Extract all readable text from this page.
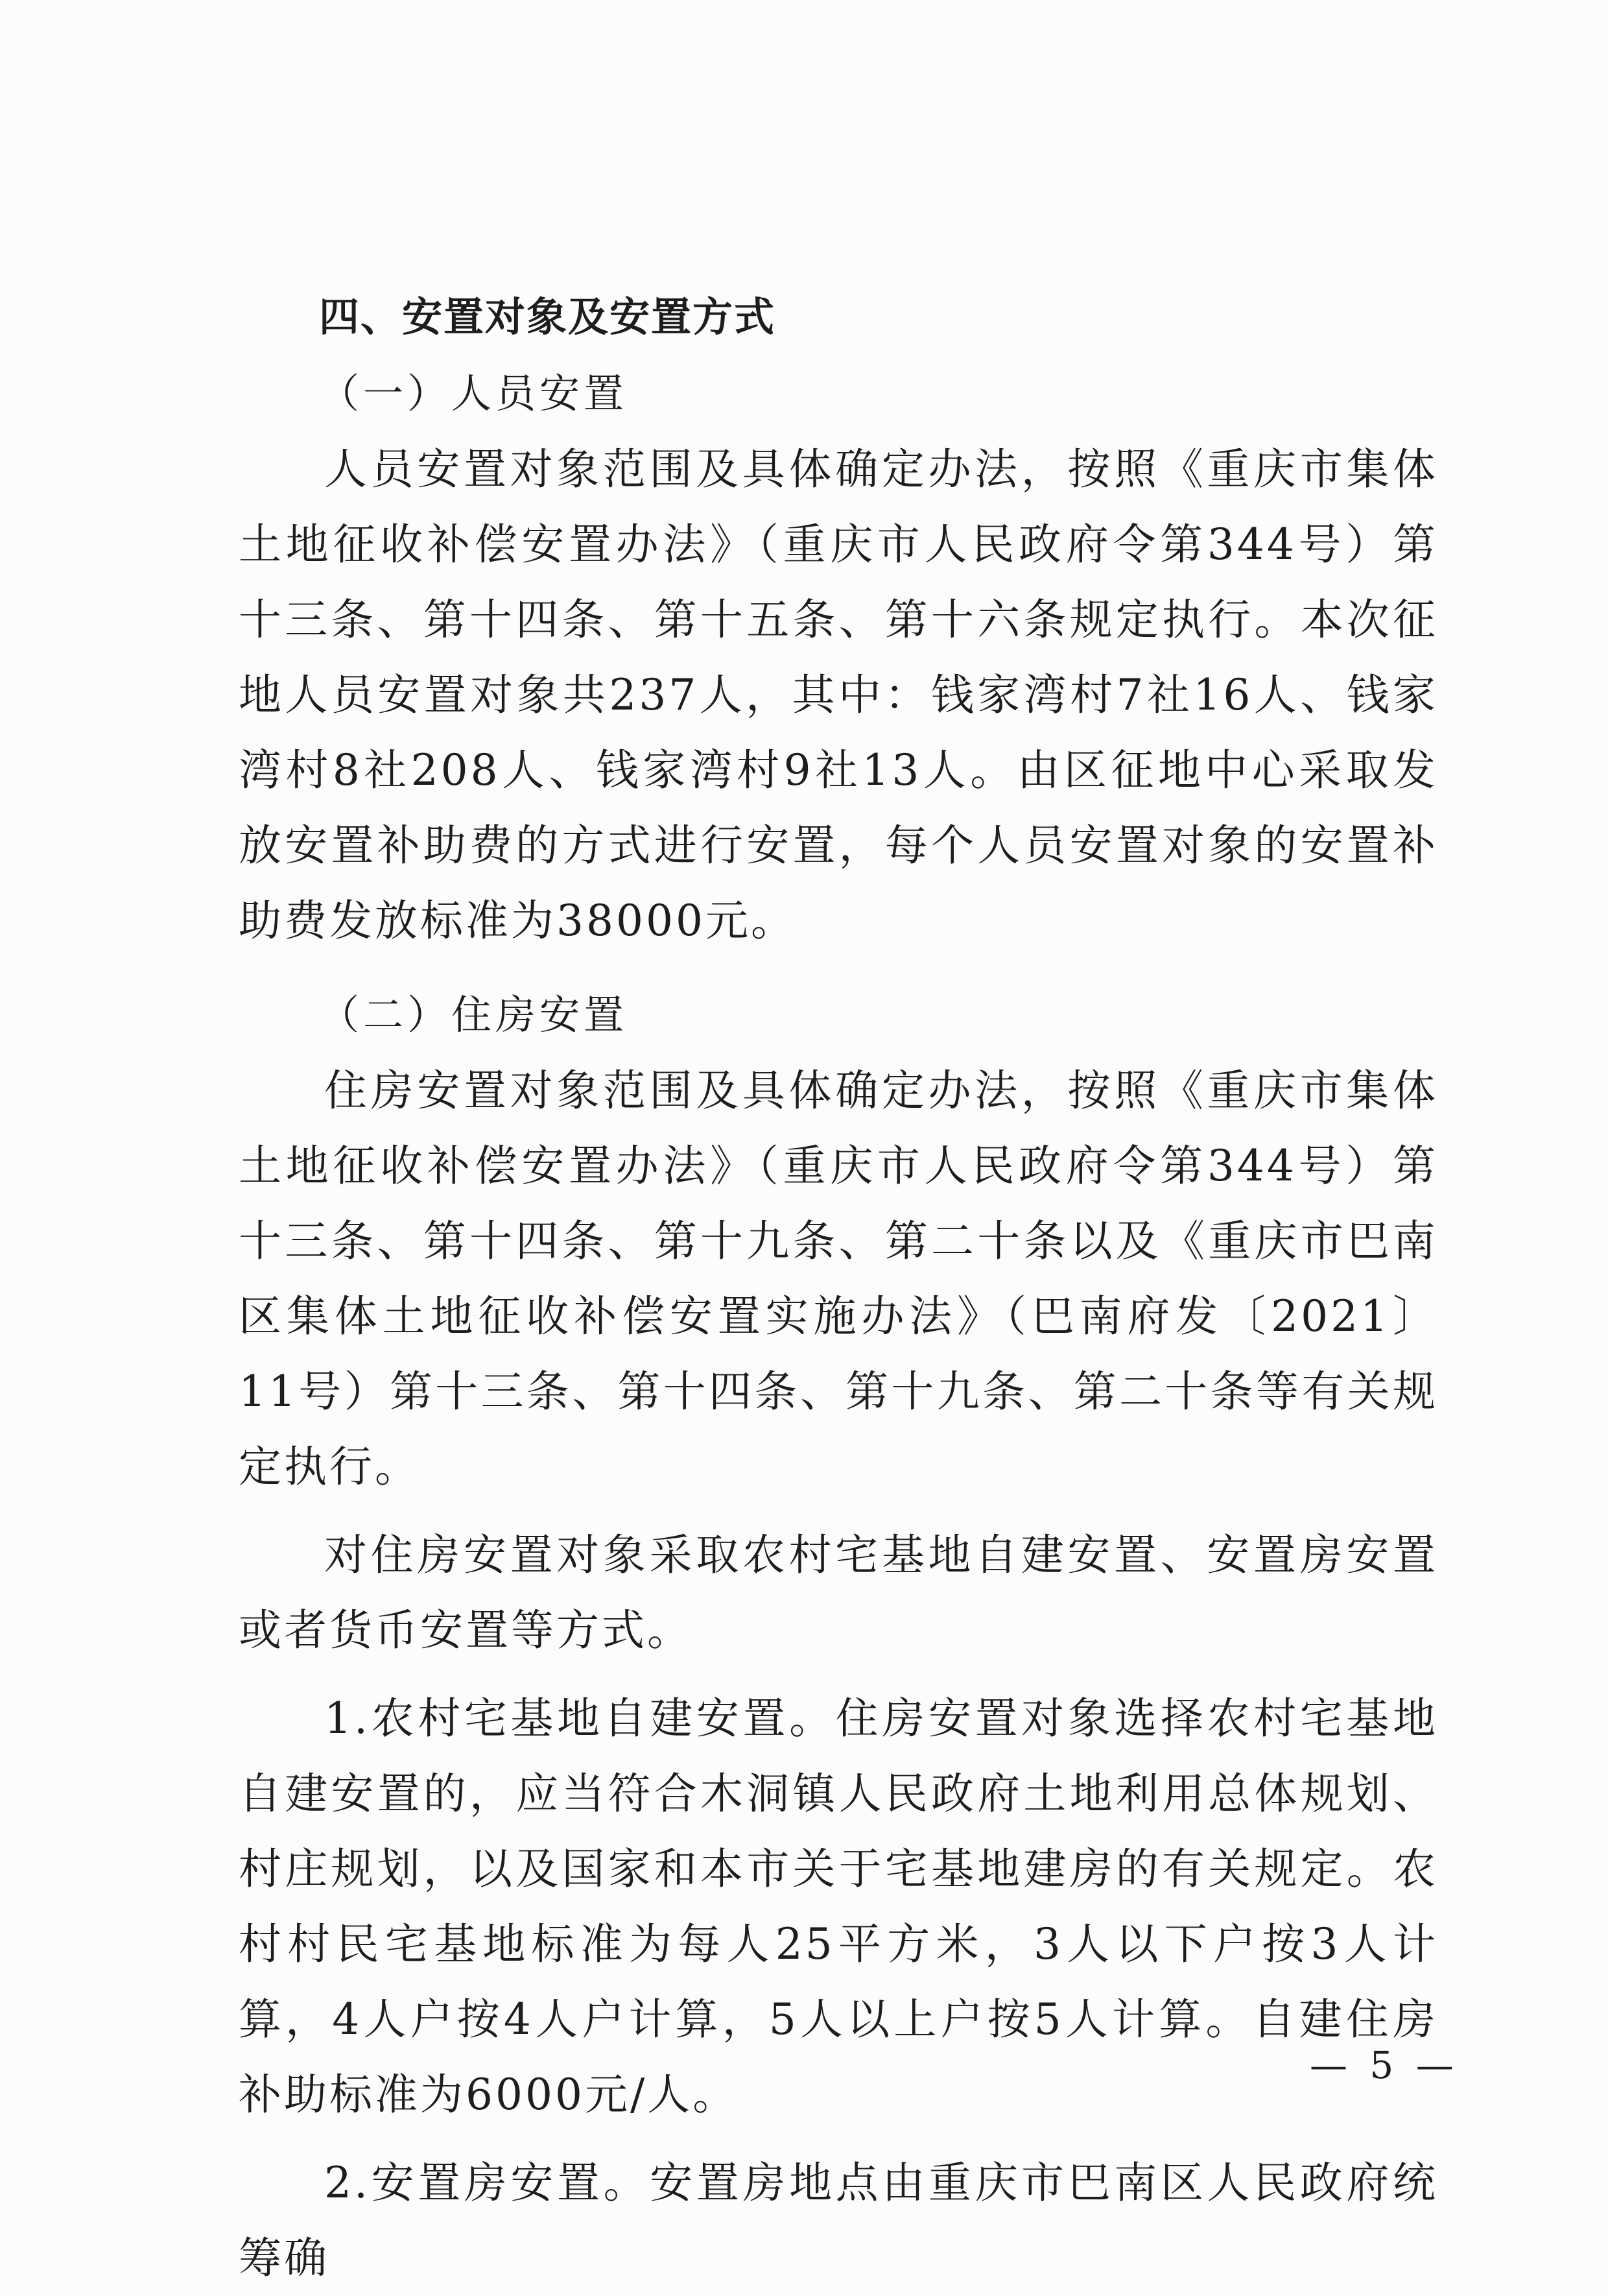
四、安置对象及安置方式
（一）人员安置

人员安置对象范围及具体确定办法，按照《重庆市集体土地征收补偿安置办法》（重庆市人民政府令第344号）第十三条、第十四条、第十五条、第十六条规定执行。本次征地人员安置对象共237人，其中：钱家湾村7社16人、钱家湾村8社208人、钱家湾村9社13人。由区征地中心采取发放安置补助费的方式进行安置，每个人员安置对象的安置补助费发放标准为38000元。

（二）住房安置

住房安置对象范围及具体确定办法，按照《重庆市集体土地征收补偿安置办法》（重庆市人民政府令第344号）第十三条、第十四条、第十九条、第二十条以及《重庆市巴南区集体土地征收补偿安置实施办法》（巴南府发〔2021〕11号）第十三条、第十四条、第十九条、第二十条等有关规定执行。

对住房安置对象采取农村宅基地自建安置、安置房安置或者货币安置等方式。

1.农村宅基地自建安置。住房安置对象选择农村宅基地自建安置的，应当符合木洞镇人民政府土地利用总体规划、村庄规划，以及国家和本市关于宅基地建房的有关规定。农村村民宅基地标准为每人25平方米，3人以下户按3人计算，4人户按4人户计算，5人以上户按5人计算。自建住房补助标准为6000元/人。

2.安置房安置。安置房地点由重庆市巴南区人民政府统筹确

— 5 —
